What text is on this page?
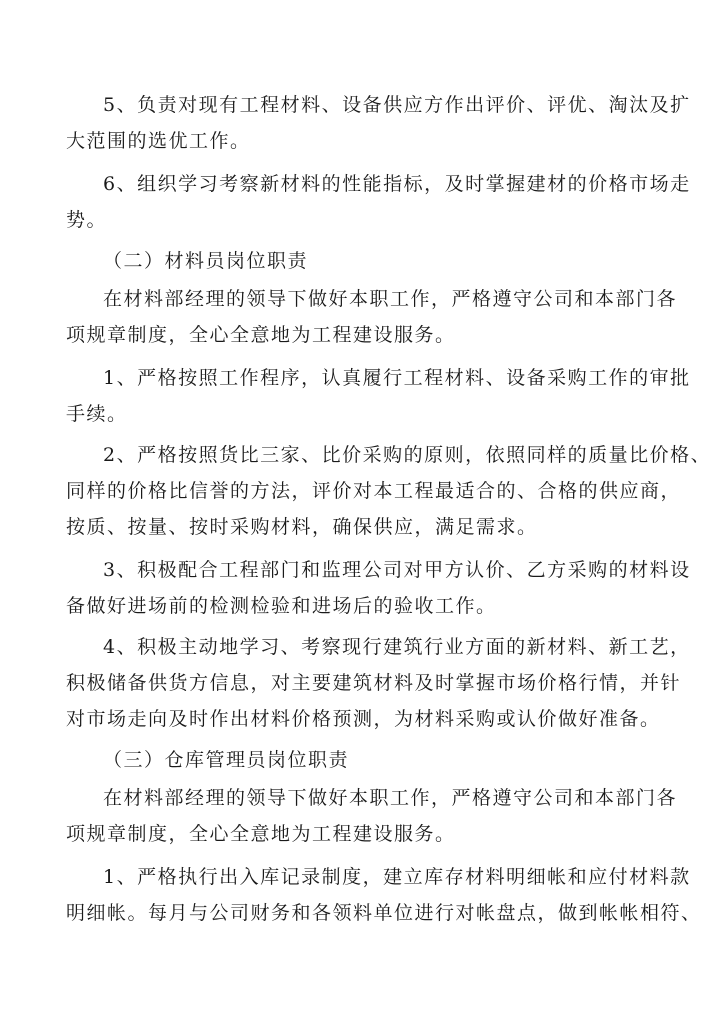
5、负责对现有工程材料、设备供应方作出评价、评优、淘汰及扩
大范围的选优工作。
6、组织学习考察新材料的性能指标，及时掌握建材的价格市场走
势。
（二）材料员岗位职责
在材料部经理的领导下做好本职工作，严格遵守公司和本部门各
项规章制度，全心全意地为工程建设服务。
1、严格按照工作程序，认真履行工程材料、设备采购工作的审批
手续。
2、严格按照货比三家、比价采购的原则，依照同样的质量比价格、
同样的价格比信誉的方法，评价对本工程最适合的、合格的供应商，
按质、按量、按时采购材料，确保供应，满足需求。
3、积极配合工程部门和监理公司对甲方认价、乙方采购的材料设
备做好进场前的检测检验和进场后的验收工作。
4、积极主动地学习、考察现行建筑行业方面的新材料、新工艺，
积极储备供货方信息，对主要建筑材料及时掌握市场价格行情，并针
对市场走向及时作出材料价格预测，为材料采购或认价做好准备。
（三）仓库管理员岗位职责
在材料部经理的领导下做好本职工作，严格遵守公司和本部门各
项规章制度，全心全意地为工程建设服务。
1、严格执行出入库记录制度，建立库存材料明细帐和应付材料款
明细帐。每月与公司财务和各领料单位进行对帐盘点，做到帐帐相符、
